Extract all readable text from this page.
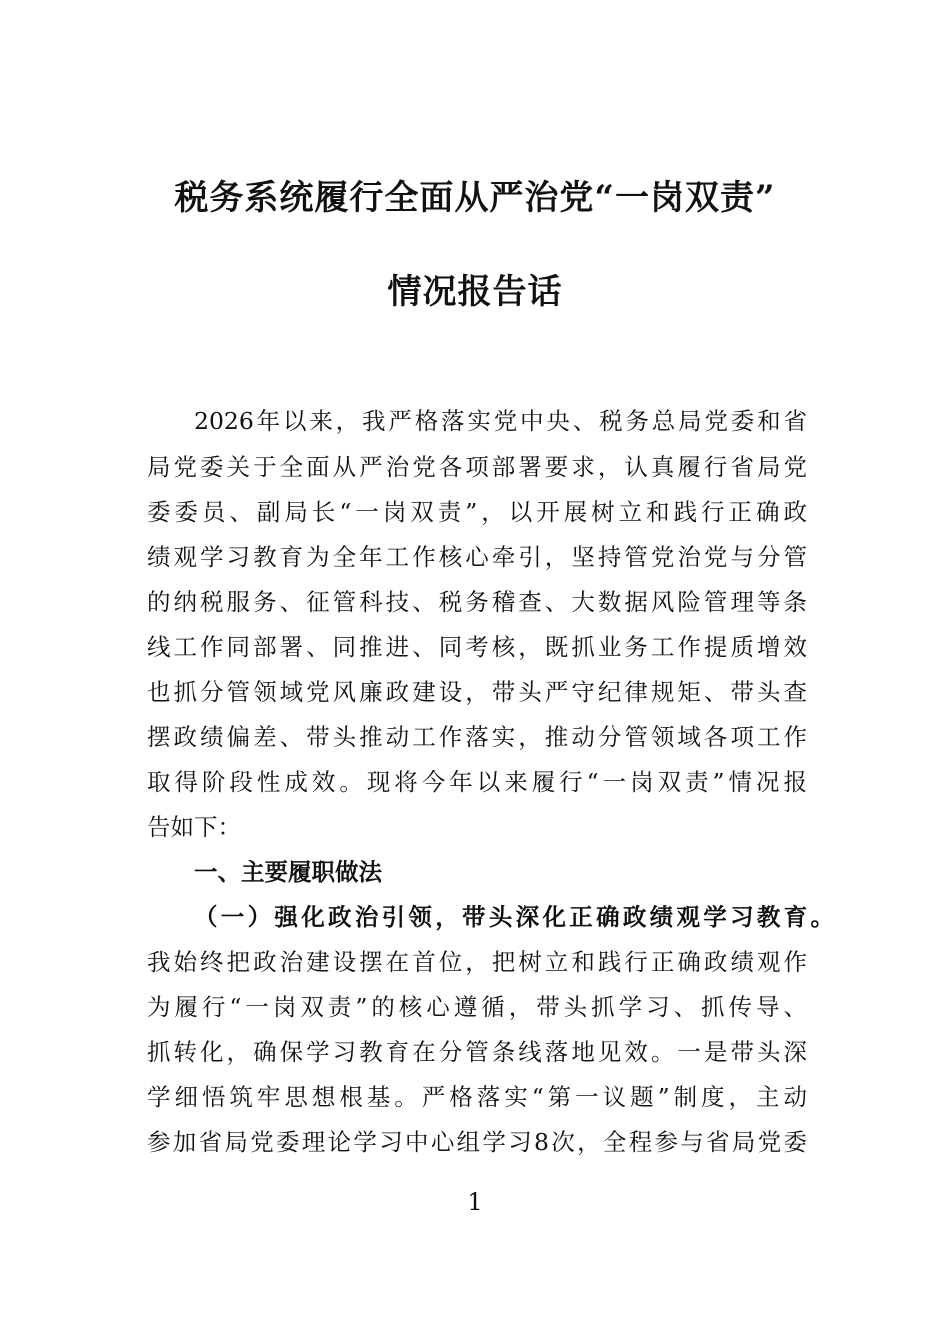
税务系统履行全面从严治党“一岗双责”
情况报告话
2026年以来，我严格落实党中央、税务总局党委和省
局党委关于全面从严治党各项部署要求，认真履行省局党
委委员、副局长“一岗双责”，以开展树立和践行正确政
绩观学习教育为全年工作核心牵引，坚持管党治党与分管
的纳税服务、征管科技、税务稽查、大数据风险管理等条
线工作同部署、同推进、同考核，既抓业务工作提质增效
也抓分管领域党风廉政建设，带头严守纪律规矩、带头查
摆政绩偏差、带头推动工作落实，推动分管领域各项工作
取得阶段性成效。现将今年以来履行“一岗双责”情况报
告如下：
一、主要履职做法
（一）强化政治引领，带头深化正确政绩观学习教育。
我始终把政治建设摆在首位，把树立和践行正确政绩观作
为履行“一岗双责”的核心遵循，带头抓学习、抓传导、
抓转化，确保学习教育在分管条线落地见效。一是带头深
学细悟筑牢思想根基。严格落实“第一议题”制度，主动
参加省局党委理论学习中心组学习8次，全程参与省局党委
1
